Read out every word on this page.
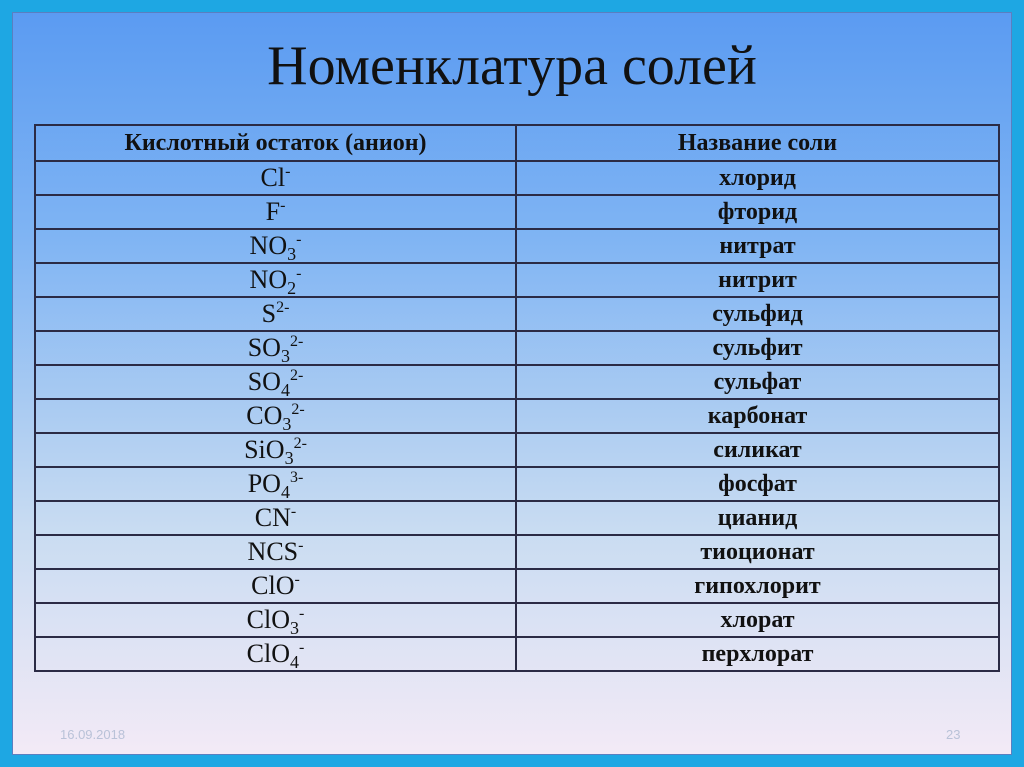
Номенклатура солей
Кислотный остаток (анион)	Название соли
Cl-	хлорид
F-	фторид
$NO_3^-$	нитрат
$NO_2^-$	нитрит
$S^{2-}$	сульфид
$SO_3^{2-}$	сульфит
$SO_4^{2-}$	сульфат
$CO_3^{2-}$	карбонат
SiO$_3^{2-}$	силикат
$PO_4^{3-}$	фосфат
CN-	цианид
NCS-	тиоционат
ClO-	гипохлорит
ClO$_3$-	хлорат
ClO$_4$-	перхлорат
16.09.2018	23
